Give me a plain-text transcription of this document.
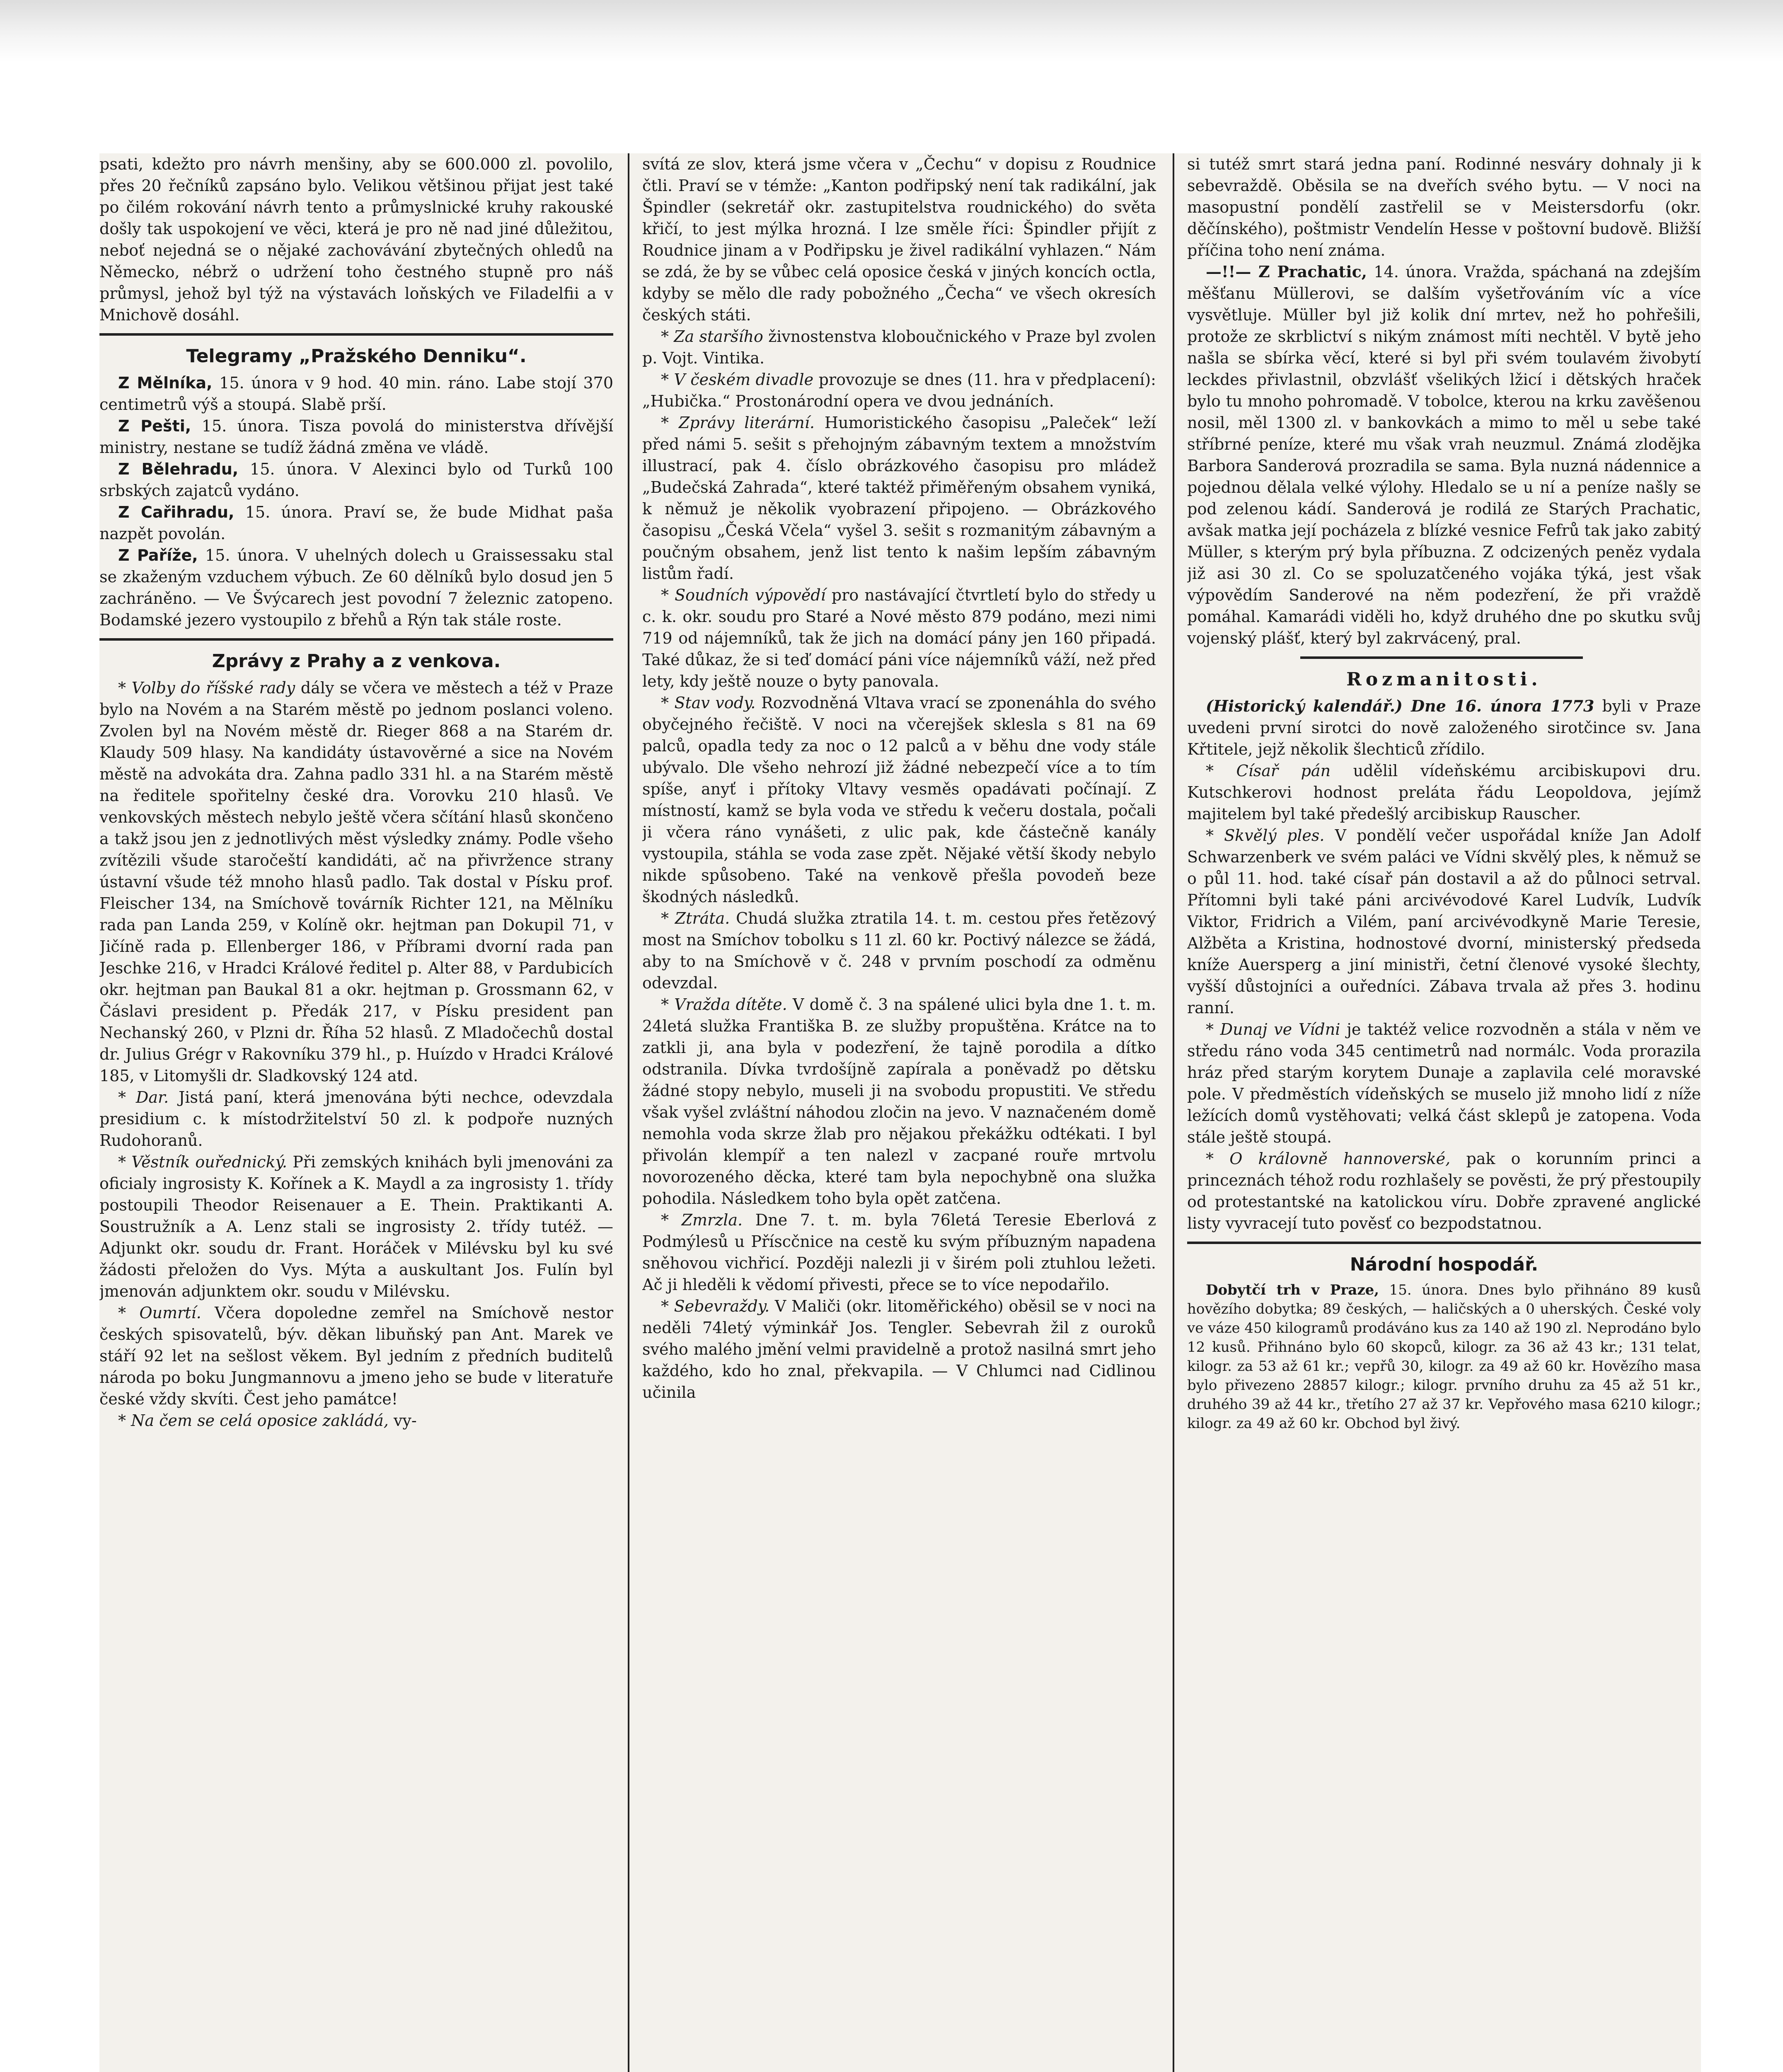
psati, kdežto pro návrh menšiny, aby se 600.000 zl. povolilo, přes 20 řečníků zapsáno bylo. Velikou většinou přijat jest také po čilém rokování návrh tento a průmyslnické kruhy rakouské došly tak uspokojení ve věci, která je pro ně nad jiné důležitou, neboť nejedná se o nějaké zachovávání zbytečných ohledů na Německo, nébrž o udržení toho čestného stupně pro náš průmysl, jehož byl týž na výstavách loňských ve Filadelfii a v Mnichově dosáhl.

Telegramy „Pražského Denniku“.

Z Mělníka, 15. února v 9 hod. 40 min. ráno. Labe stojí 370 centimetrů výš a stoupá. Slabě prší.

Z Pešti, 15. února. Tisza povolá do ministerstva dřívější ministry, nestane se tudíž žádná změna ve vládě.

Z Bělehradu, 15. února. V Alexinci bylo od Turků 100 srbských zajatců vydáno.

Z Cařihradu, 15. února. Praví se, že bude Midhat paša nazpět povolán.

Z Paříže, 15. února. V uhelných dolech u Graissessaku stal se zkaženým vzduchem výbuch. Ze 60 dělníků bylo dosud jen 5 zachráněno. — Ve Švýcarech jest povodní 7 železnic zatopeno. Bodamské jezero vystoupilo z břehů a Rýn tak stále roste.

Zprávy z Prahy a z venkova.

* Volby do říšské rady dály se včera ve městech a též v Praze bylo na Novém a na Starém městě po jednom poslanci voleno. Zvolen byl na Novém městě dr. Rieger 868 a na Starém dr. Klaudy 509 hlasy. Na kandidáty ústavověrné a sice na Novém městě na advokáta dra. Zahna padlo 331 hl. a na Starém městě na ředitele spořitelny české dra. Vorovku 210 hlasů. Ve venkovských městech nebylo ještě včera sčítání hlasů skončeno a takž jsou jen z jednotlivých měst výsledky známy. Podle všeho zvítězili všude staročeští kandidáti, ač na přivržence strany ústavní všude též mnoho hlasů padlo. Tak dostal v Písku prof. Fleischer 134, na Smíchově továrník Richter 121, na Mělníku rada pan Landa 259, v Kolíně okr. hejtman pan Dokupil 71, v Jičíně rada p. Ellenberger 186, v Příbrami dvorní rada pan Jeschke 216, v Hradci Králové ředitel p. Alter 88, v Pardubicích okr. hejtman pan Baukal 81 a okr. hejtman p. Grossmann 62, v Čáslavi president p. Předák 217, v Písku president pan Nechanský 260, v Plzni dr. Říha 52 hlasů. Z Mladočechů dostal dr. Julius Grégr v Rakovníku 379 hl., p. Huízdo v Hradci Králové 185, v Litomyšli dr. Sladkovský 124 atd.

* Dar. Jistá paní, která jmenována býti nechce, odevzdala presidium c. k místodržitelství 50 zl. k podpoře nuzných Rudohoranů.

* Věstník ouřednický. Při zemských knihách byli jmenováni za oficialy ingrosisty K. Kořínek a K. Maydl a za ingrosisty 1. třídy postoupili Theodor Reisenauer a E. Thein. Praktikanti A. Soustružník a A. Lenz stali se ingrosisty 2. třídy tutéž. — Adjunkt okr. soudu dr. Frant. Horáček v Milévsku byl ku své žádosti přeložen do Vys. Mýta a auskultant Jos. Fulín byl jmenován adjunktem okr. soudu v Milévsku.

* Oumrtí. Včera dopoledne zemřel na Smíchově nestor českých spisovatelů, býv. děkan libuňský pan Ant. Marek ve stáří 92 let na sešlost věkem. Byl jedním z předních buditelů národa po boku Jungmannovu a jmeno jeho se bude v literatuře české vždy skvíti. Čest jeho památce!

* Na čem se celá oposice zakládá, vy-

svítá ze slov, která jsme včera v „Čechu“ v dopisu z Roudnice čtli. Praví se v témže: „Kanton podřipský není tak radikální, jak Špindler (sekretář okr. zastupitelstva roudnického) do světa křičí, to jest mýlka hrozná. I lze směle říci: Špindler přijít z Roudnice jinam a v Podřipsku je živel radikální vyhlazen.“ Nám se zdá, že by se vůbec celá oposice česká v jiných koncích octla, kdyby se mělo dle rady pobožného „Čecha“ ve všech okresích českých státi.

* Za staršího živnostenstva kloboučnického v Praze byl zvolen p. Vojt. Vintika.

* V českém divadle provozuje se dnes (11. hra v předplacení): „Hubička.“ Prostonárodní opera ve dvou jednáních.

* Zprávy literární. Humoristického časopisu „Paleček“ leží před námi 5. sešit s přehojným zábavným textem a množstvím illustrací, pak 4. číslo obrázkového časopisu pro mládež „Budečská Zahrada“, které taktéž přiměřeným obsahem vyniká, k němuž je několik vyobrazení připojeno. — Obrázkového časopisu „Česká Včela“ vyšel 3. sešit s rozmanitým zábavným a poučným obsahem, jenž list tento k našim lepším zábavným listům řadí.

* Soudních výpovědí pro nastávající čtvrtletí bylo do středy u c. k. okr. soudu pro Staré a Nové město 879 podáno, mezi nimi 719 od nájemníků, tak že jich na domácí pány jen 160 připadá. Také důkaz, že si teď domácí páni více nájemníků váží, než před lety, kdy ještě nouze o byty panovala.

* Stav vody. Rozvodněná Vltava vrací se zponenáhla do svého obyčejného řečiště. V noci na včerejšek sklesla s 81 na 69 palců, opadla tedy za noc o 12 palců a v běhu dne vody stále ubývalo. Dle všeho nehrozí již žádné nebezpečí více a to tím spíše, anyť i přítoky Vltavy vesměs opadávati počínají. Z místností, kamž se byla voda ve středu k večeru dostala, počali ji včera ráno vynášeti, z ulic pak, kde částečně kanály vystoupila, stáhla se voda zase zpět. Nějaké větší škody nebylo nikde spůsobeno. Také na venkově přešla povodeň beze škodných následků.

* Ztráta. Chudá služka ztratila 14. t. m. cestou přes řetězový most na Smíchov tobolku s 11 zl. 60 kr. Poctivý nálezce se žádá, aby to na Smíchově v č. 248 v prvním poschodí za odměnu odevzdal.

* Vražda dítěte. V domě č. 3 na spálené ulici byla dne 1. t. m. 24letá služka Františka B. ze služby propuštěna. Krátce na to zatkli ji, ana byla v podezření, že tajně porodila a dítko odstranila. Dívka tvrdošíjně zapírala a poněvadž po dětsku žádné stopy nebylo, museli ji na svobodu propustiti. Ve středu však vyšel zvláštní náhodou zločin na jevo. V naznačeném domě nemohla voda skrze žlab pro nějakou překážku odtékati. I byl přivolán klempíř a ten nalezl v zacpané rouře mrtvolu novorozeného děcka, které tam byla nepochybně ona služka pohodila. Následkem toho byla opět zatčena.

* Zmrzla. Dne 7. t. m. byla 76letá Teresie Eberlová z Podmýlesů u Příscčnice na cestě ku svým příbuzným napadena sněhovou vichřicí. Později nalezli ji v širém poli ztuhlou ležeti. Ač ji hleděli k vědomí přivesti, přece se to více nepodařilo.

* Sebevraždy. V Maliči (okr. litoměřického) oběsil se v noci na neděli 74letý výminkář Jos. Tengler. Sebevrah žil z ouroků svého malého jmění velmi pravidelně a protož nasilná smrt jeho každého, kdo ho znal, překvapila. — V Chlumci nad Cidlinou učinila

si tutéž smrt stará jedna paní. Rodinné nesváry dohnaly ji k sebevraždě. Oběsila se na dveřích svého bytu. — V noci na masopustní pondělí zastřelil se v Meistersdorfu (okr. děčínského), poštmistr Vendelín Hesse v poštovní budově. Bližší příčina toho není známa.

—!!— Z Prachatic, 14. února. Vražda, spáchaná na zdejším měšťanu Müllerovi, se dalším vyšetřováním víc a více vysvětluje. Müller byl již kolik dní mrtev, než ho pohřešili, protože ze skrblictví s nikým známost míti nechtěl. V bytě jeho našla se sbírka věcí, které si byl při svém toulavém živobytí leckdes přivlastnil, obzvlášť všelikých lžicí i dětských hraček bylo tu mnoho pohromadě. V tobolce, kterou na krku zavěšenou nosil, měl 1300 zl. v bankovkách a mimo to měl u sebe také stříbrné peníze, které mu však vrah neuzmul. Známá zlodějka Barbora Sanderová prozradila se sama. Byla nuzná nádennice a pojednou dělala velké výlohy. Hledalo se u ní a peníze našly se pod zelenou kádí. Sanderová je rodilá ze Starých Prachatic, avšak matka její pocházela z blízké vesnice Fefrů tak jako zabitý Müller, s kterým prý byla příbuzna. Z odcizených peněz vydala již asi 30 zl. Co se spoluzatčeného vojáka týká, jest však výpovědím Sanderové na něm podezření, že při vraždě pomáhal. Kamarádi viděli ho, když druhého dne po skutku svůj vojenský plášť, který byl zakrvácený, pral.

Rozmanitosti.

(Historický kalendář.) Dne 16. února 1773 byli v Praze uvedeni první sirotci do nově založeného sirotčince sv. Jana Křtitele, jejž několik šlechticů zřídilo.

* Císař pán udělil vídeňskému arcibiskupovi dru. Kutschkerovi hodnost preláta řádu Leopoldova, jejímž majitelem byl také předešlý arcibiskup Rauscher.

* Skvělý ples. V pondělí večer uspořádal kníže Jan Adolf Schwarzenberk ve svém paláci ve Vídni skvělý ples, k němuž se o půl 11. hod. také císař pán dostavil a až do půlnoci setrval. Přítomni byli také páni arcivévodové Karel Ludvík, Ludvík Viktor, Fridrich a Vilém, paní arcivévodkyně Marie Teresie, Alžběta a Kristina, hodnostové dvorní, ministerský předseda kníže Auersperg a jiní ministři, četní členové vysoké šlechty, vyšší důstojníci a ouředníci. Zábava trvala až přes 3. hodinu ranní.

* Dunaj ve Vídni je taktéž velice rozvodněn a stála v něm ve středu ráno voda 345 centimetrů nad normálc. Voda prorazila hráz před starým korytem Dunaje a zaplavila celé moravské pole. V předměstích vídeňských se muselo již mnoho lidí z níže ležících domů vystěhovati; velká část sklepů je zatopena. Voda stále ještě stoupá.

* O královně hannoverské, pak o korunním princi a princeznách téhož rodu rozhlašely se pověsti, že prý přestoupily od protestantské na katolickou víru. Dobře zpravené anglické listy vyvracejí tuto pověsť co bezpodstatnou.

Národní hospodář.

Dobytčí trh v Praze, 15. února. Dnes bylo přihnáno 89 kusů hovězího dobytka; 89 českých, — haličských a 0 uherských. České voly ve váze 450 kilogramů prodáváno kus za 140 až 190 zl. Neprodáno bylo 12 kusů. Přihnáno bylo 60 skopců, kilogr. za 36 až 43 kr.; 131 telat, kilogr. za 53 až 61 kr.; vepřů 30, kilogr. za 49 až 60 kr. Hovězího masa bylo přivezeno 28857 kilogr.; kilogr. prvního druhu za 45 až 51 kr., druhého 39 až 44 kr., třetího 27 až 37 kr. Vepřového masa 6210 kilogr.; kilogr. za 49 až 60 kr. Obchod byl živý.
